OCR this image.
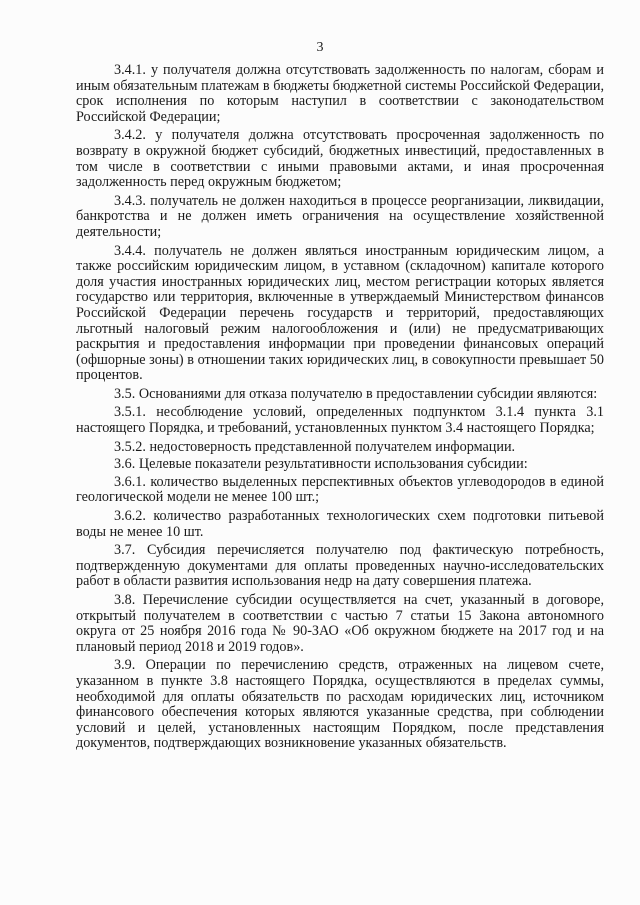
3

3.4.1. у получателя должна отсутствовать задолженность по налогам, сборам и иным обязательным платежам в бюджеты бюджетной системы Российской Федерации, срок исполнения по которым наступил в соответствии с законодательством Российской Федерации;

3.4.2. у получателя должна отсутствовать просроченная задолженность по возврату в окружной бюджет субсидий, бюджетных инвестиций, предоставленных в том числе в соответствии с иными правовыми актами, и иная просроченная задолженность перед окружным бюджетом;

3.4.3. получатель не должен находиться в процессе реорганизации, ликвидации, банкротства и не должен иметь ограничения на осуществление хозяйственной деятельности;

3.4.4. получатель не должен являться иностранным юридическим лицом, а также российским юридическим лицом, в уставном (складочном) капитале которого доля участия иностранных юридических лиц, местом регистрации которых является государство или территория, включенные в утверждаемый Министерством финансов Российской Федерации перечень государств и территорий, предоставляющих льготный налоговый режим налогообложения и (или) не предусматривающих раскрытия и предоставления информации при проведении финансовых операций (офшорные зоны) в отношении таких юридических лиц, в совокупности превышает 50 процентов.

3.5. Основаниями для отказа получателю в предоставлении субсидии являются:

3.5.1. несоблюдение условий, определенных подпунктом 3.1.4 пункта 3.1 настоящего Порядка, и требований, установленных пунктом 3.4 настоящего Порядка;

3.5.2. недостоверность представленной получателем информации.

3.6. Целевые показатели результативности использования субсидии:

3.6.1. количество выделенных перспективных объектов углеводородов в единой геологической модели не менее 100 шт.;

3.6.2. количество разработанных технологических схем подготовки питьевой воды не менее 10 шт.

3.7. Субсидия перечисляется получателю под фактическую потребность, подтвержденную документами для оплаты проведенных научно-исследовательских работ в области развития использования недр на дату совершения платежа.

3.8. Перечисление субсидии осуществляется на счет, указанный в договоре, открытый получателем в соответствии с частью 7 статьи 15 Закона автономного округа от 25 ноября 2016 года № 90-ЗАО «Об окружном бюджете на 2017 год и на плановый период 2018 и 2019 годов».

3.9. Операции по перечислению средств, отраженных на лицевом счете, указанном в пункте 3.8 настоящего Порядка, осуществляются в пределах суммы, необходимой для оплаты обязательств по расходам юридических лиц, источником финансового обеспечения которых являются указанные средства, при соблюдении условий и целей, установленных настоящим Порядком, после представления документов, подтверждающих возникновение указанных обязательств.
